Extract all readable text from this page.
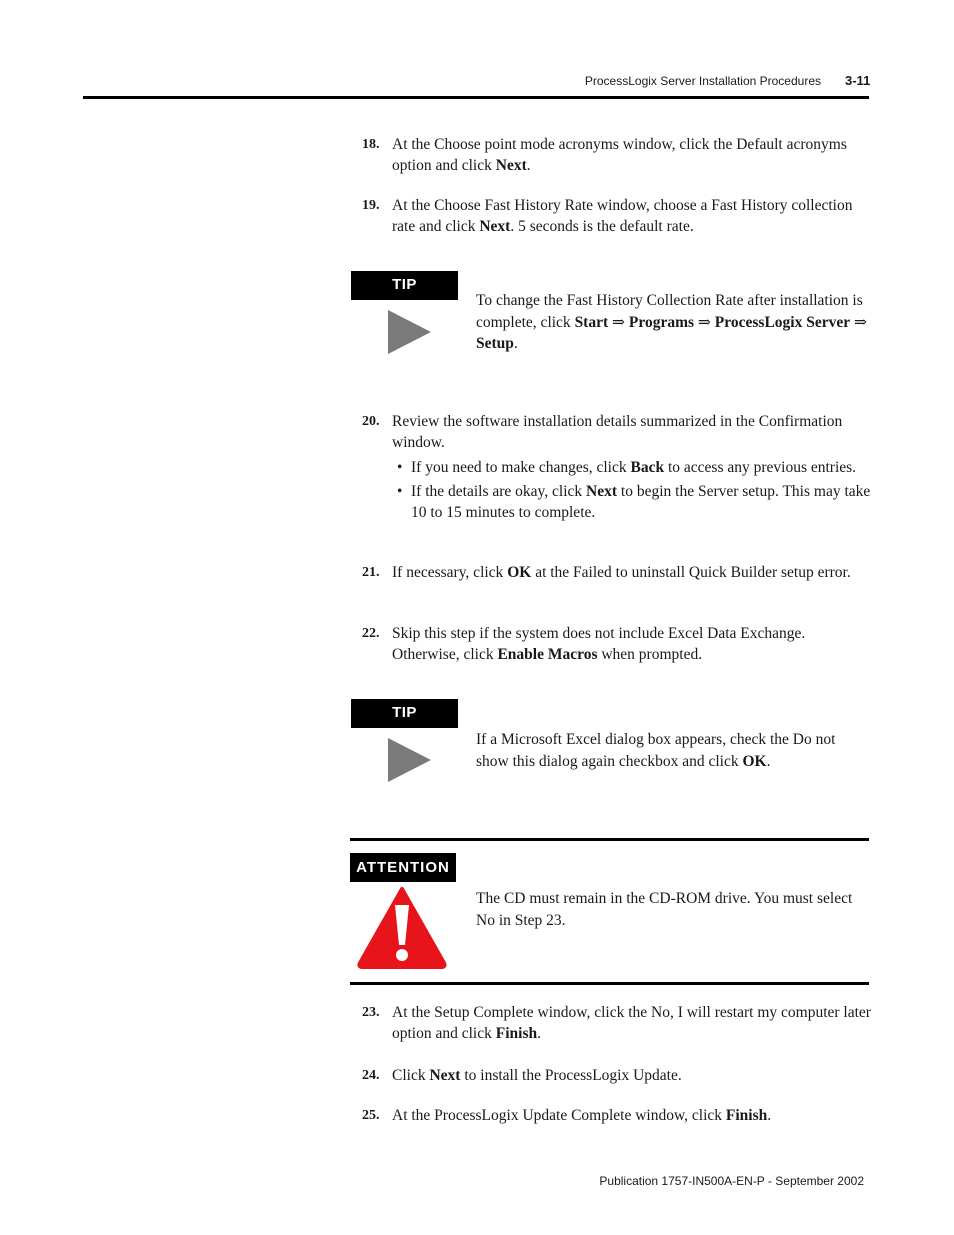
ProcessLogix Server Installation Procedures 3-11
18. At the Choose point mode acronyms window, click the Default acronyms option and click Next.
19. At the Choose Fast History Rate window, choose a Fast History collection rate and click Next. 5 seconds is the default rate.
TIP
To change the Fast History Collection Rate after installation is complete, click Start ⇒ Programs ⇒ ProcessLogix Server ⇒ Setup.
20. Review the software installation details summarized in the Confirmation window.
• If you need to make changes, click Back to access any previous entries.
• If the details are okay, click Next to begin the Server setup. This may take 10 to 15 minutes to complete.
21. If necessary, click OK at the Failed to uninstall Quick Builder setup error.
22. Skip this step if the system does not include Excel Data Exchange. Otherwise, click Enable Macros when prompted.
TIP
If a Microsoft Excel dialog box appears, check the Do not show this dialog again checkbox and click OK.
ATTENTION
The CD must remain in the CD-ROM drive. You must select No in Step 23.
23. At the Setup Complete window, click the No, I will restart my computer later option and click Finish.
24. Click Next to install the ProcessLogix Update.
25. At the ProcessLogix Update Complete window, click Finish.
Publication 1757-IN500A-EN-P - September 2002
